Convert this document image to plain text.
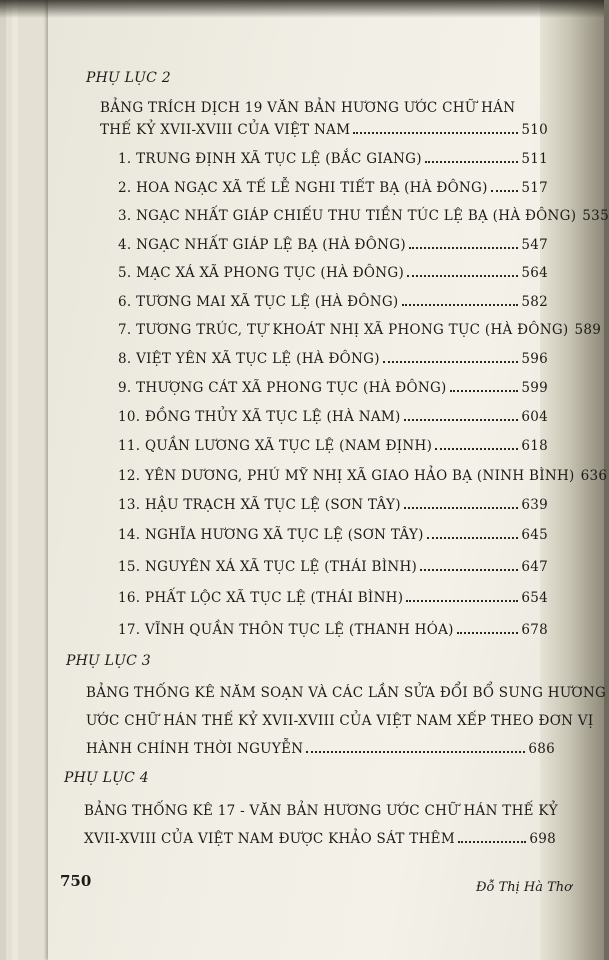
PHỤ LỤC 2
BẢNG TRÍCH DỊCH 19 VĂN BẢN HƯƠNG ƯỚC CHỮ HÁN
THẾ KỶ XVII-XVIII CỦA VIỆT NAM	510
1. TRUNG ĐỊNH XÃ TỤC LỆ (BẮC GIANG)	511
2. HOA NGẠC XÃ TẾ LỄ NGHI TIẾT BẠ (HÀ ĐÔNG) 517
3. NGẠC NHẤT GIÁP CHIẾU THU TIỀN TÚC LỆ BẠ (HÀ ĐÔNG) 535
4. NGẠC NHẤT GIÁP LỆ BẠ (HÀ ĐÔNG)	547
5. MẠC XÁ XÃ PHONG TỤC (HÀ ĐÔNG)	564
6. TƯƠNG MAI XÃ TỤC LỆ (HÀ ĐÔNG)	582
7. TƯƠNG TRÚC, TỰ KHOÁT NHỊ XÃ PHONG TỤC (HÀ ĐÔNG) 589
8. VIỆT YÊN XÃ TỤC LỆ (HÀ ĐÔNG)	596
9. THƯỢNG CÁT XÃ PHONG TỤC (HÀ ĐÔNG)	599
10. ĐỒNG THỦY XÃ TỤC LỆ (HÀ NAM)	604
11. QUẦN LƯƠNG XÃ TỤC LỆ (NAM ĐỊNH)	618
12. YÊN DƯƠNG, PHÚ MỸ NHỊ XÃ GIAO HẢO BẠ (NINH BÌNH) 636
13. HẬU TRẠCH XÃ TỤC LỆ (SƠN TÂY)	639
14. NGHĨA HƯƠNG XÃ TỤC LỆ (SƠN TÂY)	645
15. NGUYÊN XÁ XÃ TỤC LỆ (THÁI BÌNH)	647
16. PHẤT LỘC XÃ TỤC LỆ (THÁI BÌNH)	654
17. VĨNH QUẦN THÔN TỤC LỆ (THANH HÓA)	678
PHỤ LỤC 3
BẢNG THỐNG KÊ NĂM SOẠN VÀ CÁC LẦN SỬA ĐỔI BỔ SUNG HƯƠNG
ƯỚC CHỮ HÁN THẾ KỶ XVII-XVIII CỦA VIỆT NAM XẾP THEO ĐƠN VỊ
HÀNH CHÍNH THỜI NGUYỄN	686
PHỤ LỤC 4
BẢNG THỐNG KÊ 17 - VĂN BẢN HƯƠNG ƯỚC CHỮ HÁN THẾ KỶ
XVII-XVIII CỦA VIỆT NAM ĐƯỢC KHẢO SÁT THÊM	698
750	Đỗ Thị Hà Thơ
